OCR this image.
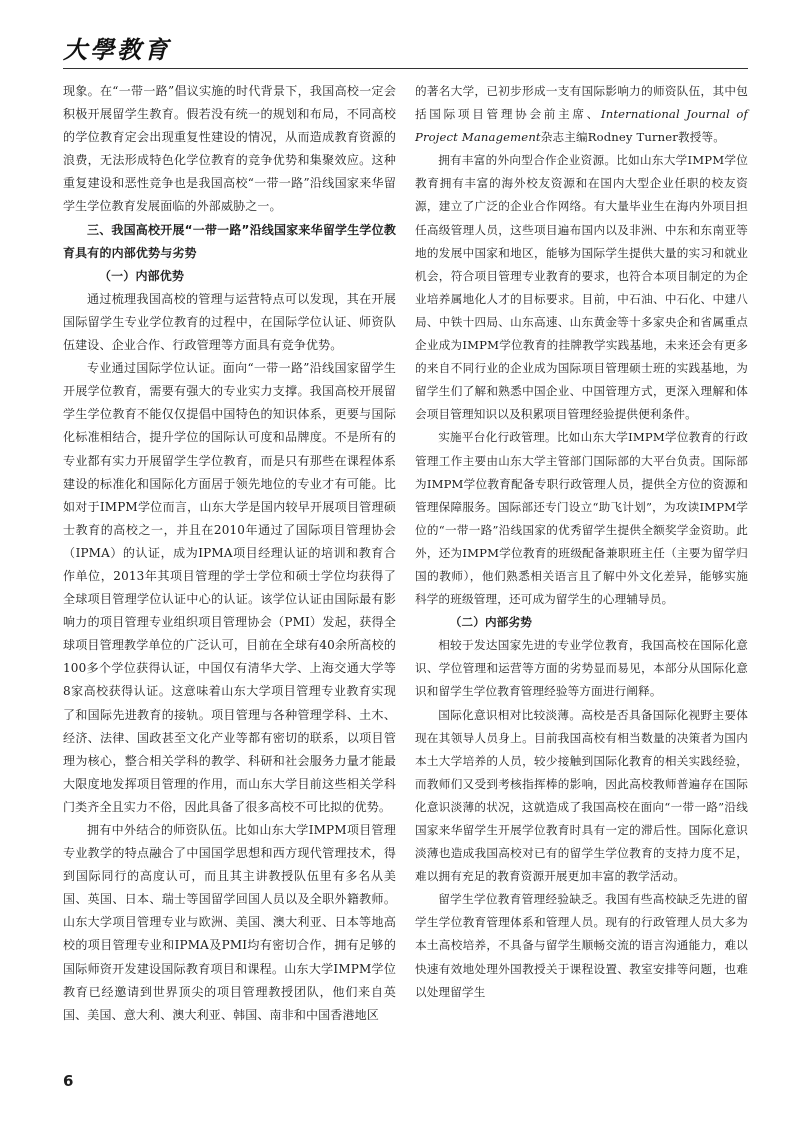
大學教育

现象。在“一带一路”倡议实施的时代背景下，我国高校一定会积极开展留学生教育。假若没有统一的规划和布局，不同高校的学位教育定会出现重复性建设的情况，从而造成教育资源的浪费，无法形成特色化学位教育的竞争优势和集聚效应。这种重复建设和恶性竞争也是我国高校“一带一路”沿线国家来华留学生学位教育发展面临的外部威胁之一。

三、我国高校开展“一带一路”沿线国家来华留学生学位教育具有的内部优势与劣势

（一）内部优势

通过梳理我国高校的管理与运营特点可以发现，其在开展国际留学生专业学位教育的过程中，在国际学位认证、师资队伍建设、企业合作、行政管理等方面具有竞争优势。

专业通过国际学位认证。面向“一带一路”沿线国家留学生开展学位教育，需要有强大的专业实力支撑。我国高校开展留学生学位教育不能仅仅提倡中国特色的知识体系，更要与国际化标准相结合，提升学位的国际认可度和品牌度。不是所有的专业都有实力开展留学生学位教育，而是只有那些在课程体系建设的标准化和国际化方面居于领先地位的专业才有可能。比如对于IMPM学位而言，山东大学是国内较早开展项目管理硕士教育的高校之一，并且在2010年通过了国际项目管理协会（IPMA）的认证，成为IPMA项目经理认证的培训和教育合作单位，2013年其项目管理的学士学位和硕士学位均获得了全球项目管理学位认证中心的认证。该学位认证由国际最有影响力的项目管理专业组织项目管理协会（PMI）发起，获得全球项目管理教学单位的广泛认可，目前在全球有40余所高校的100多个学位获得认证，中国仅有清华大学、上海交通大学等8家高校获得认证。这意味着山东大学项目管理专业教育实现了和国际先进教育的接轨。项目管理与各种管理学科、土木、经济、法律、国政甚至文化产业等都有密切的联系，以项目管理为核心，整合相关学科的教学、科研和社会服务力量才能最大限度地发挥项目管理的作用，而山东大学目前这些相关学科门类齐全且实力不俗，因此具备了很多高校不可比拟的优势。

拥有中外结合的师资队伍。比如山东大学IMPM项目管理专业教学的特点融合了中国国学思想和西方现代管理技术，得到国际同行的高度认可，而且其主讲教授队伍里有多名从美国、英国、日本、瑞士等国留学回国人员以及全职外籍教师。山东大学项目管理专业与欧洲、美国、澳大利亚、日本等地高校的项目管理专业和IPMA及PMI均有密切合作，拥有足够的国际师资开发建设国际教育项目和课程。山东大学IMPM学位教育已经邀请到世界顶尖的项目管理教授团队，他们来自英国、美国、意大利、澳大利亚、韩国、南非和中国香港地区

的著名大学，已初步形成一支有国际影响力的师资队伍，其中包括国际项目管理协会前主席、International Journal of Project Management杂志主编Rodney Turner教授等。

拥有丰富的外向型合作企业资源。比如山东大学IMPM学位教育拥有丰富的海外校友资源和在国内大型企业任职的校友资源，建立了广泛的企业合作网络。有大量毕业生在海内外项目担任高级管理人员，这些项目遍布国内以及非洲、中东和东南亚等地的发展中国家和地区，能够为国际学生提供大量的实习和就业机会，符合项目管理专业教育的要求，也符合本项目制定的为企业培养属地化人才的目标要求。目前，中石油、中石化、中建八局、中铁十四局、山东高速、山东黄金等十多家央企和省属重点企业成为IMPM学位教育的挂牌教学实践基地，未来还会有更多的来自不同行业的企业成为国际项目管理硕士班的实践基地，为留学生们了解和熟悉中国企业、中国管理方式，更深入理解和体会项目管理知识以及积累项目管理经验提供便利条件。

实施平台化行政管理。比如山东大学IMPM学位教育的行政管理工作主要由山东大学主管部门国际部的大平台负责。国际部为IMPM学位教育配备专职行政管理人员，提供全方位的资源和管理保障服务。国际部还专门设立“助飞计划”，为攻读IMPM学位的“一带一路”沿线国家的优秀留学生提供全额奖学金资助。此外，还为IMPM学位教育的班级配备兼职班主任（主要为留学归国的教师），他们熟悉相关语言且了解中外文化差异，能够实施科学的班级管理，还可成为留学生的心理辅导员。

（二）内部劣势

相较于发达国家先进的专业学位教育，我国高校在国际化意识、学位管理和运营等方面的劣势显而易见，本部分从国际化意识和留学生学位教育管理经验等方面进行阐释。

国际化意识相对比较淡薄。高校是否具备国际化视野主要体现在其领导人员身上。目前我国高校有相当数量的决策者为国内本土大学培养的人员，较少接触到国际化教育的相关实践经验，而教师们又受到考核指挥棒的影响，因此高校教师普遍存在国际化意识淡薄的状况，这就造成了我国高校在面向“一带一路”沿线国家来华留学生开展学位教育时具有一定的滞后性。国际化意识淡薄也造成我国高校对已有的留学生学位教育的支持力度不足，难以拥有充足的教育资源开展更加丰富的教学活动。

留学生学位教育管理经验缺乏。我国有些高校缺乏先进的留学生学位教育管理体系和管理人员。现有的行政管理人员大多为本土高校培养，不具备与留学生顺畅交流的语言沟通能力，难以快速有效地处理外国教授关于课程设置、教室安排等问题，也难以处理留学生

6
